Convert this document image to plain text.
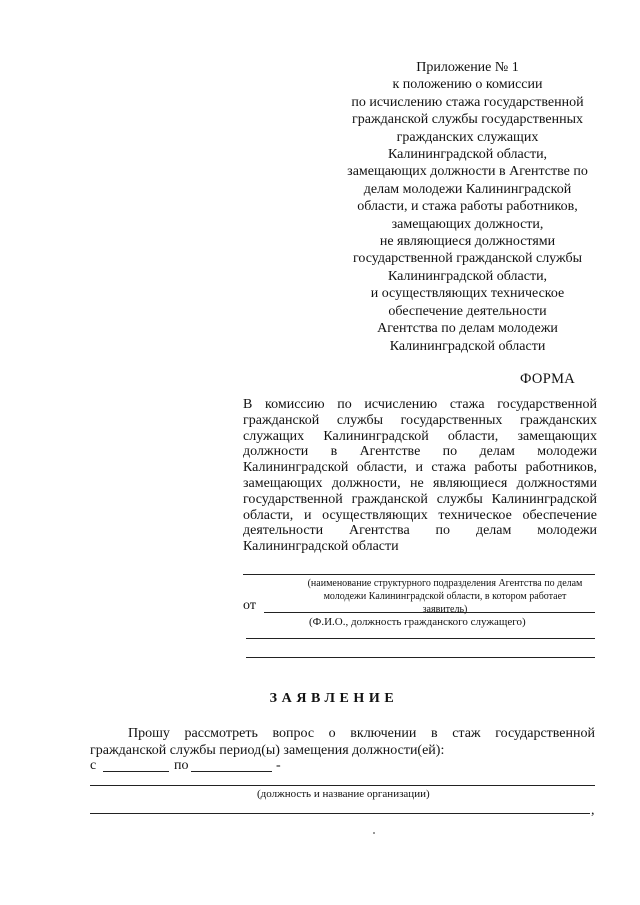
Приложение № 1
к положению о комиссии
по исчислению стажа государственной
гражданской службы государственных
гражданских служащих
Калининградской области,
замещающих должности в Агентстве по
делам молодежи Калининградской
области, и стажа работы работников,
замещающих должности,
не являющиеся должностями
государственной гражданской службы
Калининградской области,
и осуществляющих техническое
обеспечение деятельности
Агентства по делам молодежи
Калининградской области
ФОРМА
В комиссию по исчислению стажа государственной
гражданской службы государственных гражданских
служащих Калининградской области, замещающих
должности в Агентстве по делам молодежи
Калининградской области, и стажа работы работников,
замещающих должности, не являющиеся должностями
государственной гражданской службы Калининградской
области, и осуществляющих техническое обеспечение
деятельности Агентства по делам молодежи
Калининградской области
(наименование структурного подразделения Агентства по делам
молодежи Калининградской области, в котором работает заявитель)
от
(Ф.И.О., должность гражданского служащего)
ЗАЯВЛЕНИЕ
Прошу рассмотреть вопрос о включении в стаж государственной
гражданской службы период(ы) замещения должности(ей):
с	по	-
(должность и название организации)
,
